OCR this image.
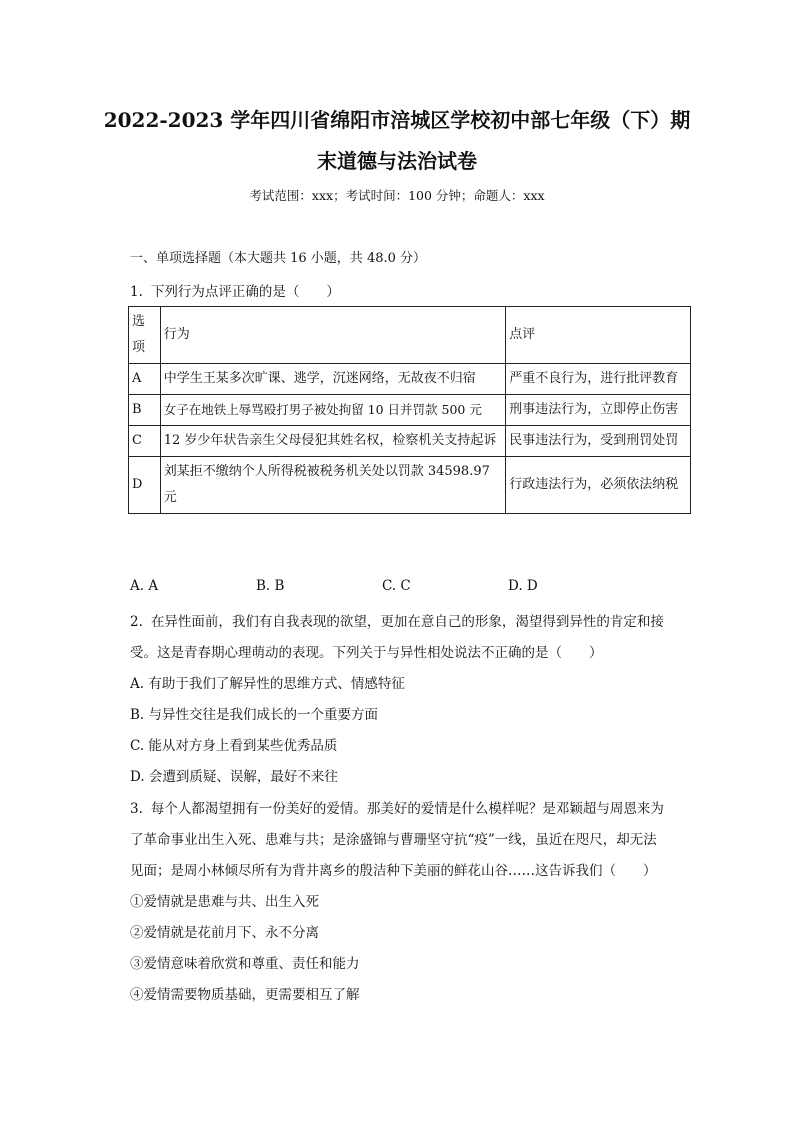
2022-2023 学年四川省绵阳市涪城区学校初中部七年级（下）期
末道德与法治试卷
考试范围：xxx；考试时间：100 分钟；命题人：xxx
一、单项选择题（本大题共 16 小题，共 48.0 分）
1. 下列行为点评正确的是（　　）
选项	行为	点评
A	中学生王某多次旷课、逃学，沉迷网络，无故夜不归宿	严重不良行为，进行批评教育
B	女子在地铁上辱骂殴打男子被处拘留 10 日并罚款 500 元	刑事违法行为，立即停止伤害
C	12 岁少年状告亲生父母侵犯其姓名权，检察机关支持起诉	民事违法行为，受到刑罚处罚
D	刘某拒不缴纳个人所得税被税务机关处以罚款 34598.97 元	行政违法行为，必须依法纳税
A. A	B. B	C. C	D. D
2. 在异性面前，我们有自我表现的欲望，更加在意自己的形象，渴望得到异性的肯定和接
受。这是青春期心理萌动的表现。下列关于与异性相处说法不正确的是（　　）
A. 有助于我们了解异性的思维方式、情感特征
B. 与异性交往是我们成长的一个重要方面
C. 能从对方身上看到某些优秀品质
D. 会遭到质疑、误解，最好不来往
3. 每个人都渴望拥有一份美好的爱情。那美好的爱情是什么模样呢？是邓颖超与周恩来为
了革命事业出生入死、患难与共；是涂盛锦与曹珊坚守抗“疫”一线，虽近在咫尺，却无法
见面；是周小林倾尽所有为背井离乡的殷洁种下美丽的鲜花山谷……这告诉我们（　　）
①爱情就是患难与共、出生入死
②爱情就是花前月下、永不分离
③爱情意味着欣赏和尊重、责任和能力
④爱情需要物质基础，更需要相互了解
